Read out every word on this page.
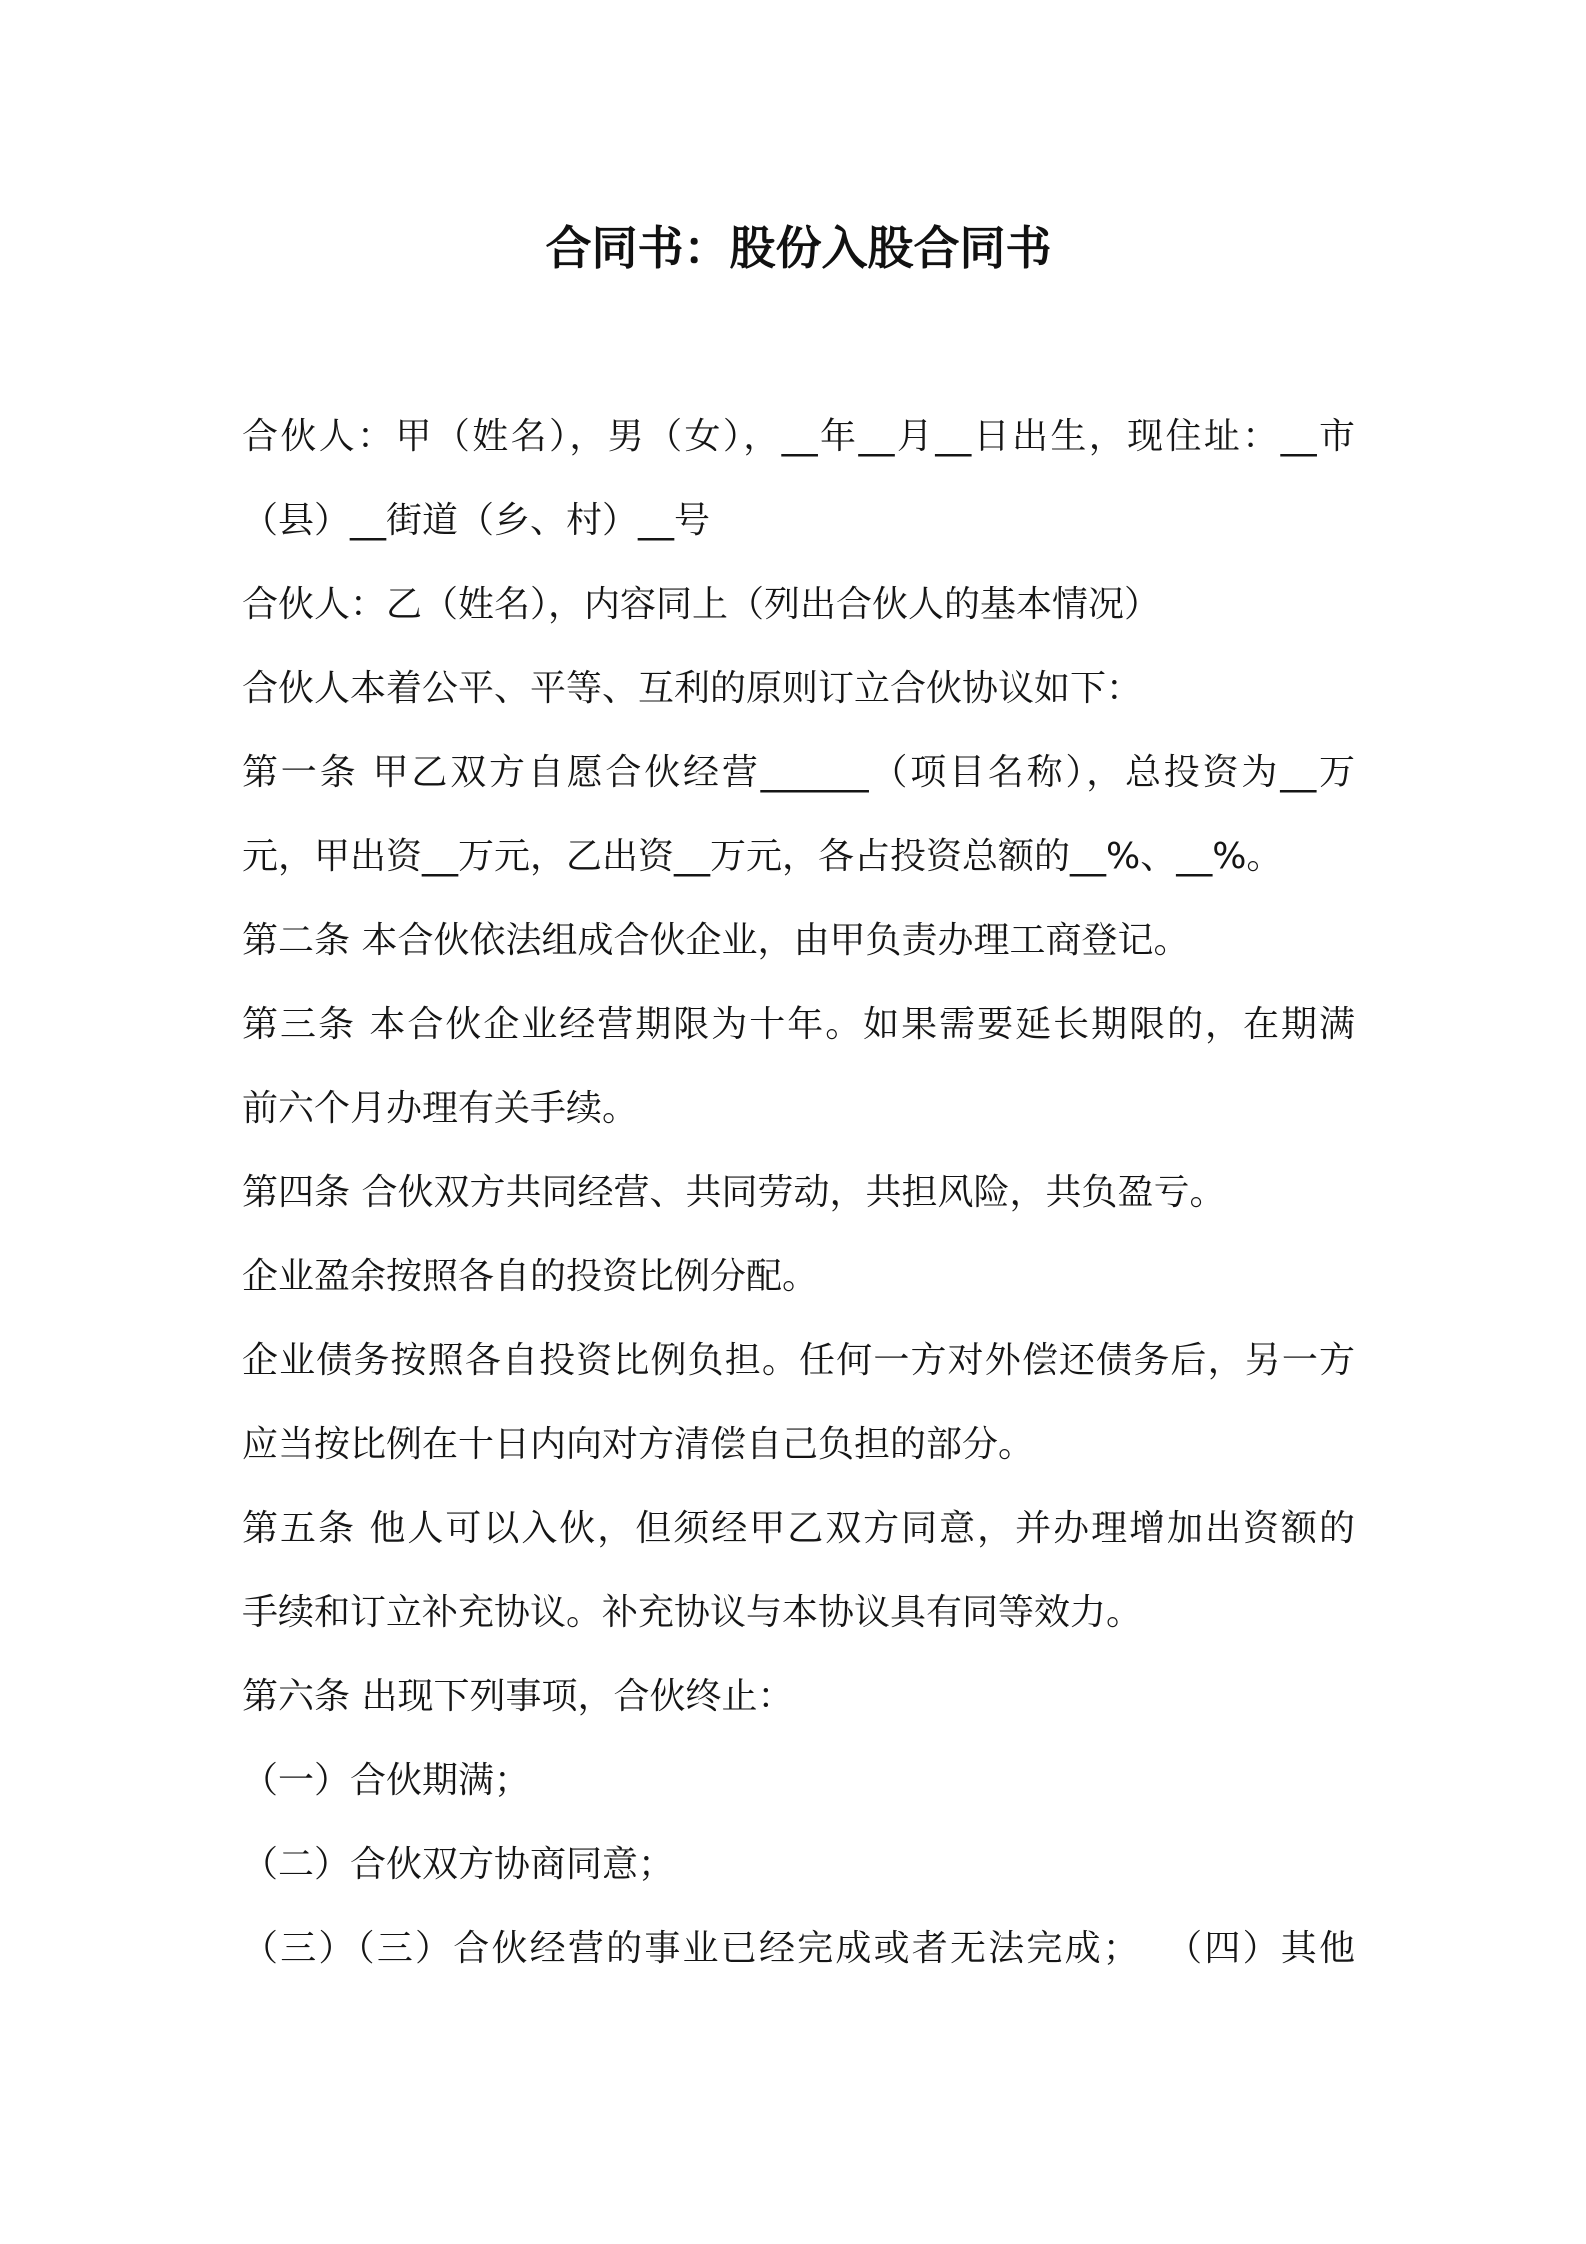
合同书：股份入股合同书
合伙人：甲（姓名），男（女），__年__月__日出生，现住址：__市
（县）__街道（乡、村）__号
合伙人：乙（姓名），内容同上（列出合伙人的基本情况）
合伙人本着公平、平等、互利的原则订立合伙协议如下：
第一条 甲乙双方自愿合伙经营______（项目名称），总投资为__万
元，甲出资__万元，乙出资__万元，各占投资总额的__%、__%。
第二条 本合伙依法组成合伙企业，由甲负责办理工商登记。
第三条 本合伙企业经营期限为十年。如果需要延长期限的，在期满
前六个月办理有关手续。
第四条 合伙双方共同经营、共同劳动，共担风险，共负盈亏。
企业盈余按照各自的投资比例分配。
企业债务按照各自投资比例负担。任何一方对外偿还债务后，另一方
应当按比例在十日内向对方清偿自己负担的部分。
第五条 他人可以入伙，但须经甲乙双方同意，并办理增加出资额的
手续和订立补充协议。补充协议与本协议具有同等效力。
第六条 出现下列事项，合伙终止：
（一）合伙期满；
（二）合伙双方协商同意；
（三）（三）合伙经营的事业已经完成或者无法完成；  （四）其他
